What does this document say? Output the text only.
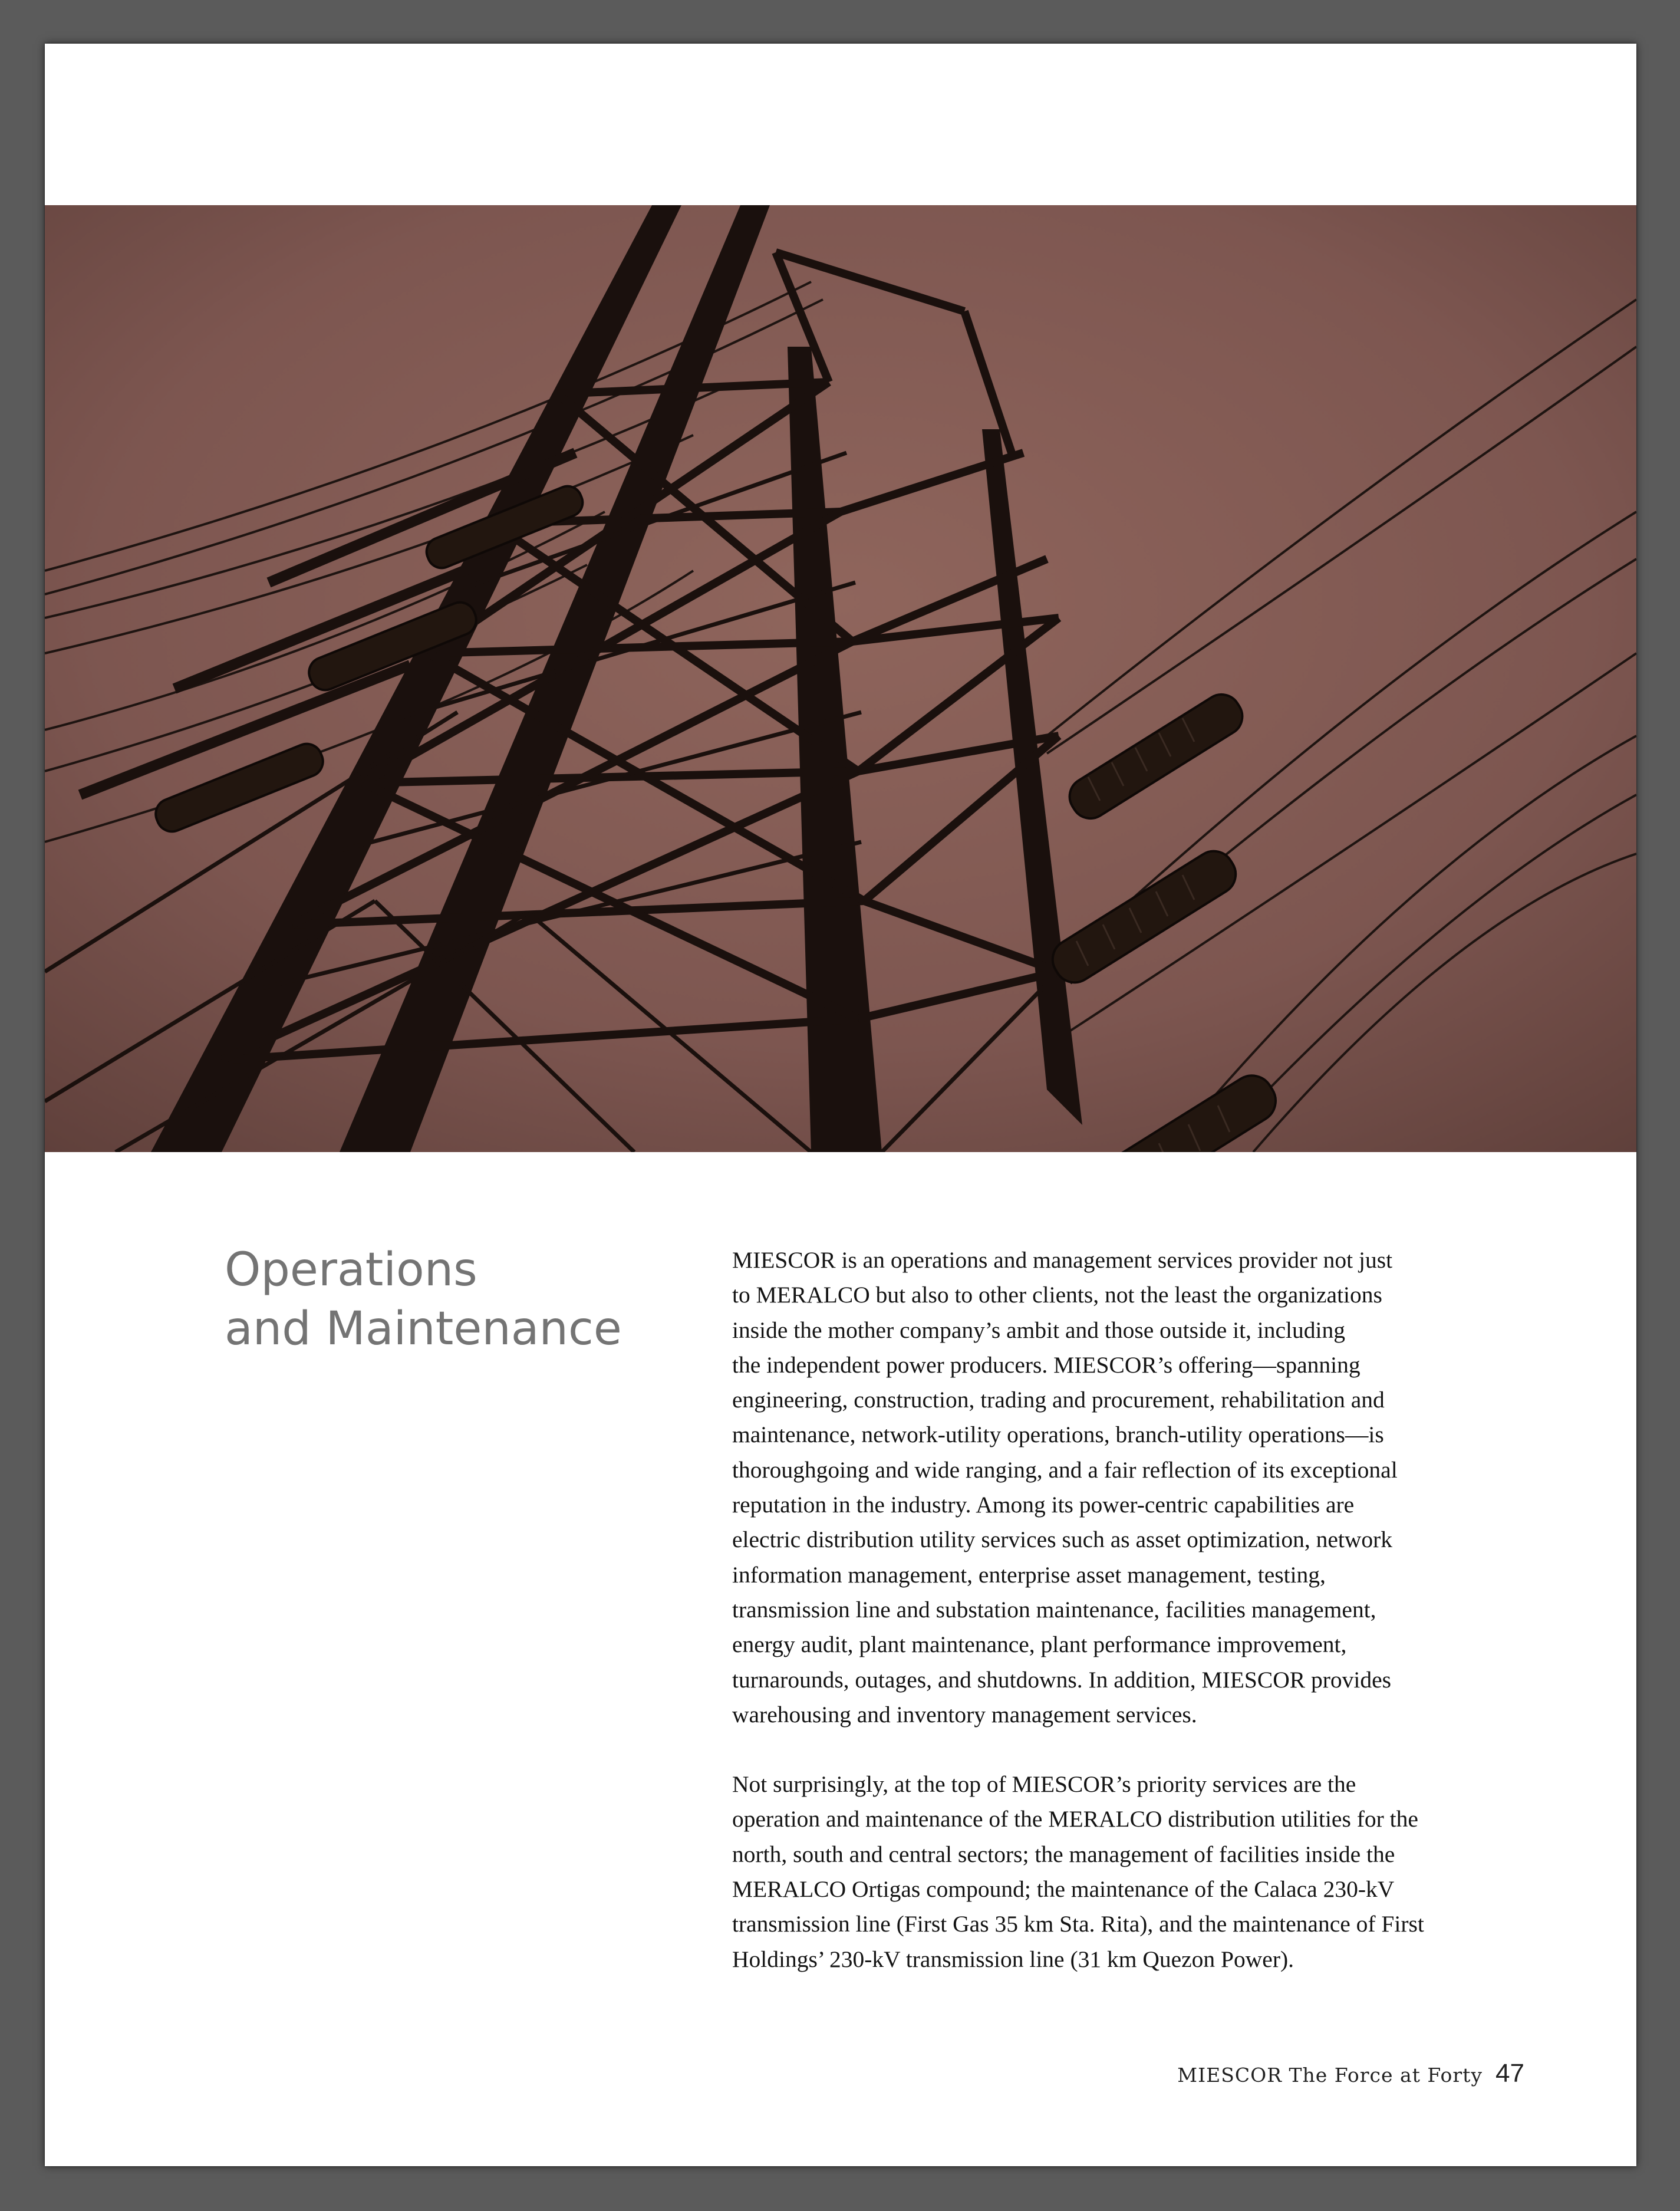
Operations
and Maintenance

MIESCOR is an operations and management services provider not just
to MERALCO but also to other clients, not the least the organizations
inside the mother company’s ambit and those outside it, including
the independent power producers. MIESCOR’s offering—spanning
engineering, construction, trading and procurement, rehabilitation and
maintenance, network-utility operations, branch-utility operations—is
thoroughgoing and wide ranging, and a fair reflection of its exceptional
reputation in the industry. Among its power-centric capabilities are
electric distribution utility services such as asset optimization, network
information management, enterprise asset management, testing,
transmission line and substation maintenance, facilities management,
energy audit, plant maintenance, plant performance improvement,
turnarounds, outages, and shutdowns. In addition, MIESCOR provides
warehousing and inventory management services.

Not surprisingly, at the top of MIESCOR’s priority services are the
operation and maintenance of the MERALCO distribution utilities for the
north, south and central sectors; the management of facilities inside the
MERALCO Ortigas compound; the maintenance of the Calaca 230-kV
transmission line (First Gas 35 km Sta. Rita), and the maintenance of First
Holdings’ 230-kV transmission line (31 km Quezon Power).

MIESCOR The Force at Forty 47
